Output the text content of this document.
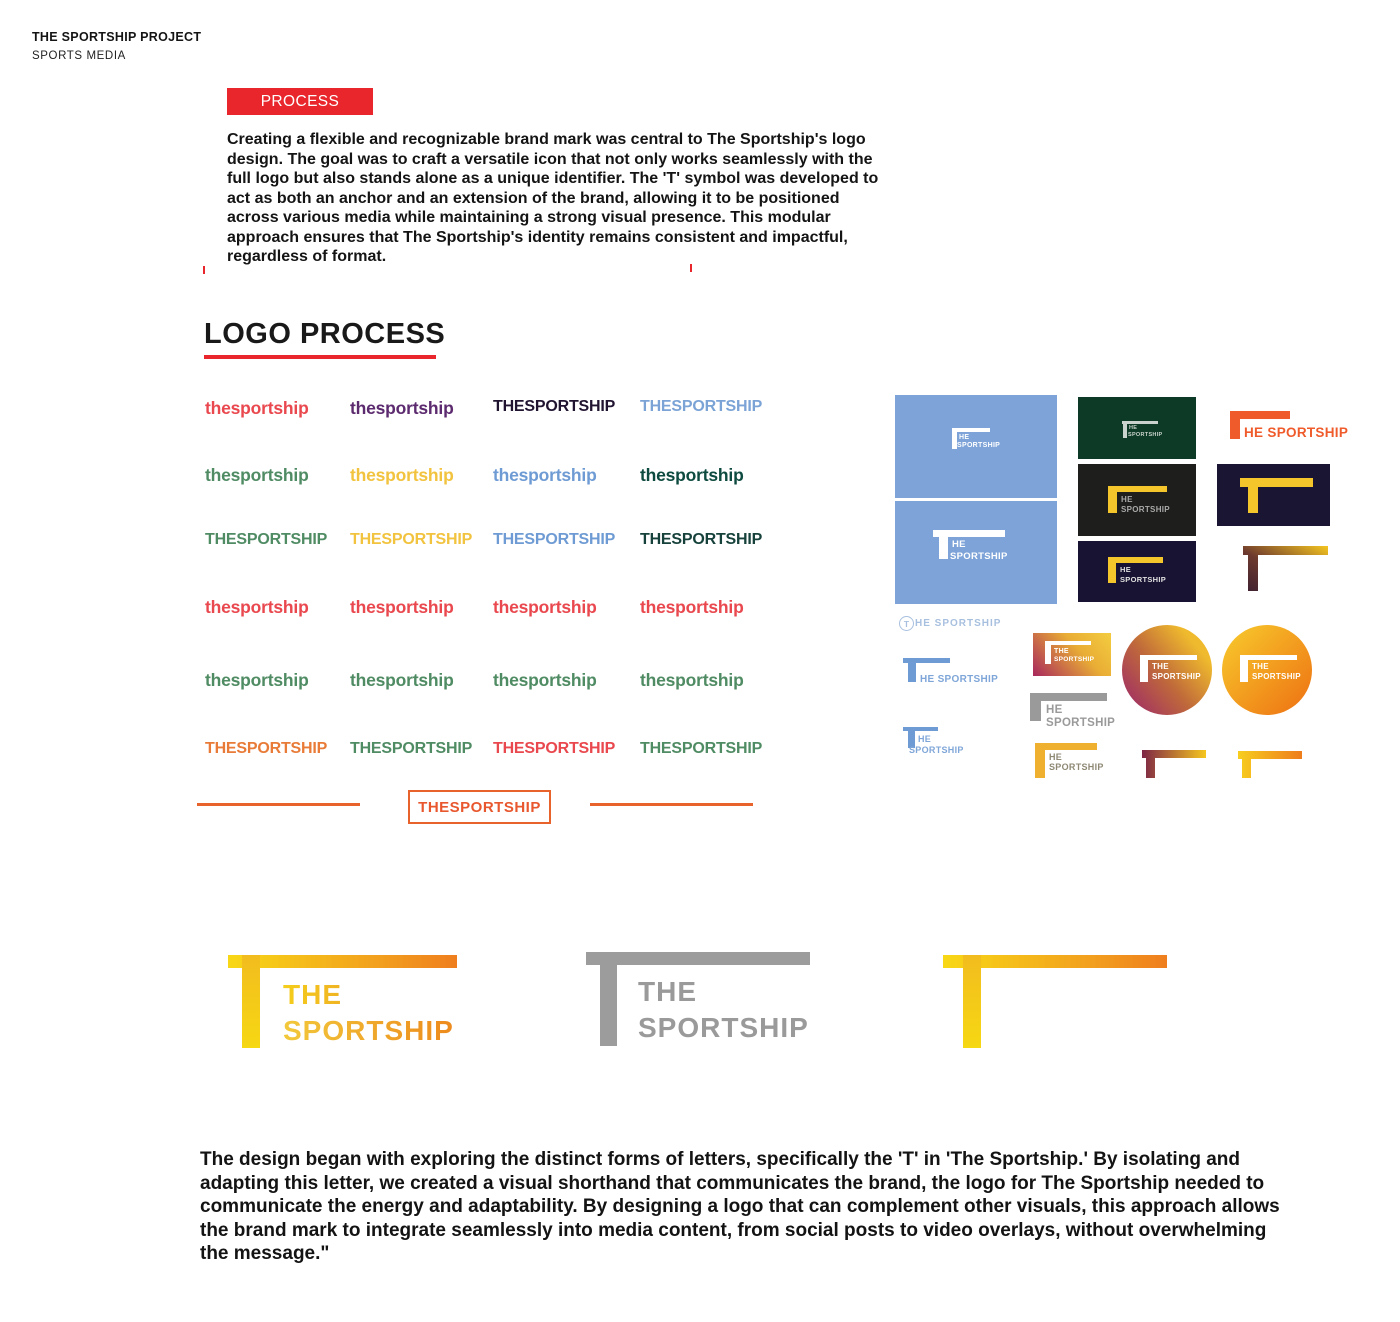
THE SPORTSHIP PROJECT
SPORTS MEDIA
PROCESS
Creating a flexible and recognizable brand mark was central to The Sportship's logo design. The goal was to craft a versatile icon that not only works seamlessly with the full logo but also stands alone as a unique identifier. The 'T' symbol was developed to act as both an anchor and an extension of the brand, allowing it to be positioned across various media while maintaining a strong visual presence. This modular approach ensures that The Sportship's identity remains consistent and impactful, regardless of format.
LOGO PROCESS
thesportship thesportship THESPORTSHIP THESPORTSHIP
thesportship thesportship thesportship thesportship
THESPORTSHIP THESPORTSHIP THESPORTSHIP THESPORTSHIP
thesportship thesportship thesportship thesportship
thesportship thesportship thesportship thesportship
THESPORTSHIP THESPORTSHIP THESPORTSHIP THESPORTSHIP
THESPORTSHIP
HE
SPORTSHIP
HE
SPORTSHIP
HE
SPORTSHIP
HE
SPORTSHIP
HE
SPORTSHIP
HE SPORTSHIP
T HE SPORTSHIP
HE SPORTSHIP
HE
SPORTSHIP
THE
SPORTSHIP
HE
SPORTSHIP
HE
SPORTSHIP
THE
SPORTSHIP
THE
SPORTSHIP
THE
SPORTSHIP
THE
SPORTSHIP
The design began with exploring the distinct forms of letters, specifically the 'T' in 'The Sportship.' By isolating and adapting this letter, we created a visual shorthand that communicates the brand, the logo for The Sportship needed to communicate the energy and adaptability. By designing a logo that can complement other visuals, this approach allows the brand mark to integrate seamlessly into media content, from social posts to video overlays, without overwhelming the message."
